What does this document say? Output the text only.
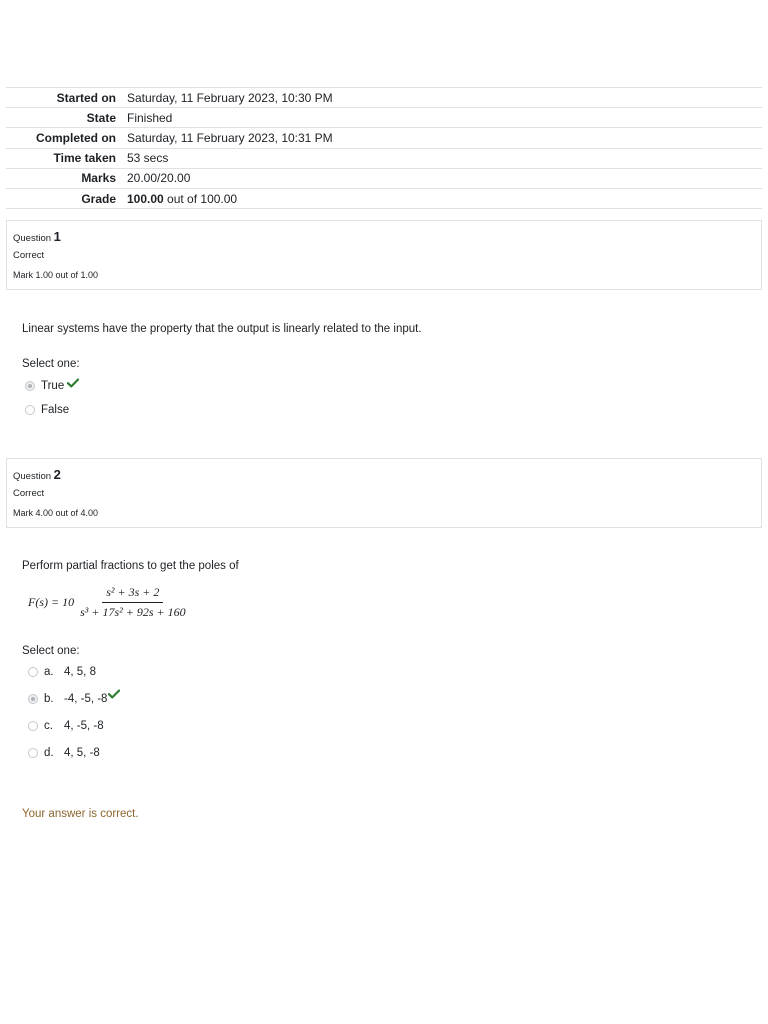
Started on	Saturday, 11 February 2023, 10:30 PM
State	Finished
Completed on	Saturday, 11 February 2023, 10:31 PM
Time taken	53 secs
Marks	20.00/20.00
Grade	100.00 out of 100.00
Question 1
Correct
Mark 1.00 out of 1.00
Linear systems have the property that the output is linearly related to the input.
Select one:
True
False
Question 2
Correct
Mark 4.00 out of 4.00
Perform partial fractions to get the poles of
$F(s) = 10 \frac{\text{s² + 3s + 2}}{\text{s³ + 17s² + 92s + 160}}$
Select one:
a. 4, 5, 8
b. -4, -5, -8
c. 4, -5, -8
d. 4, 5, -8
Your answer is correct.
